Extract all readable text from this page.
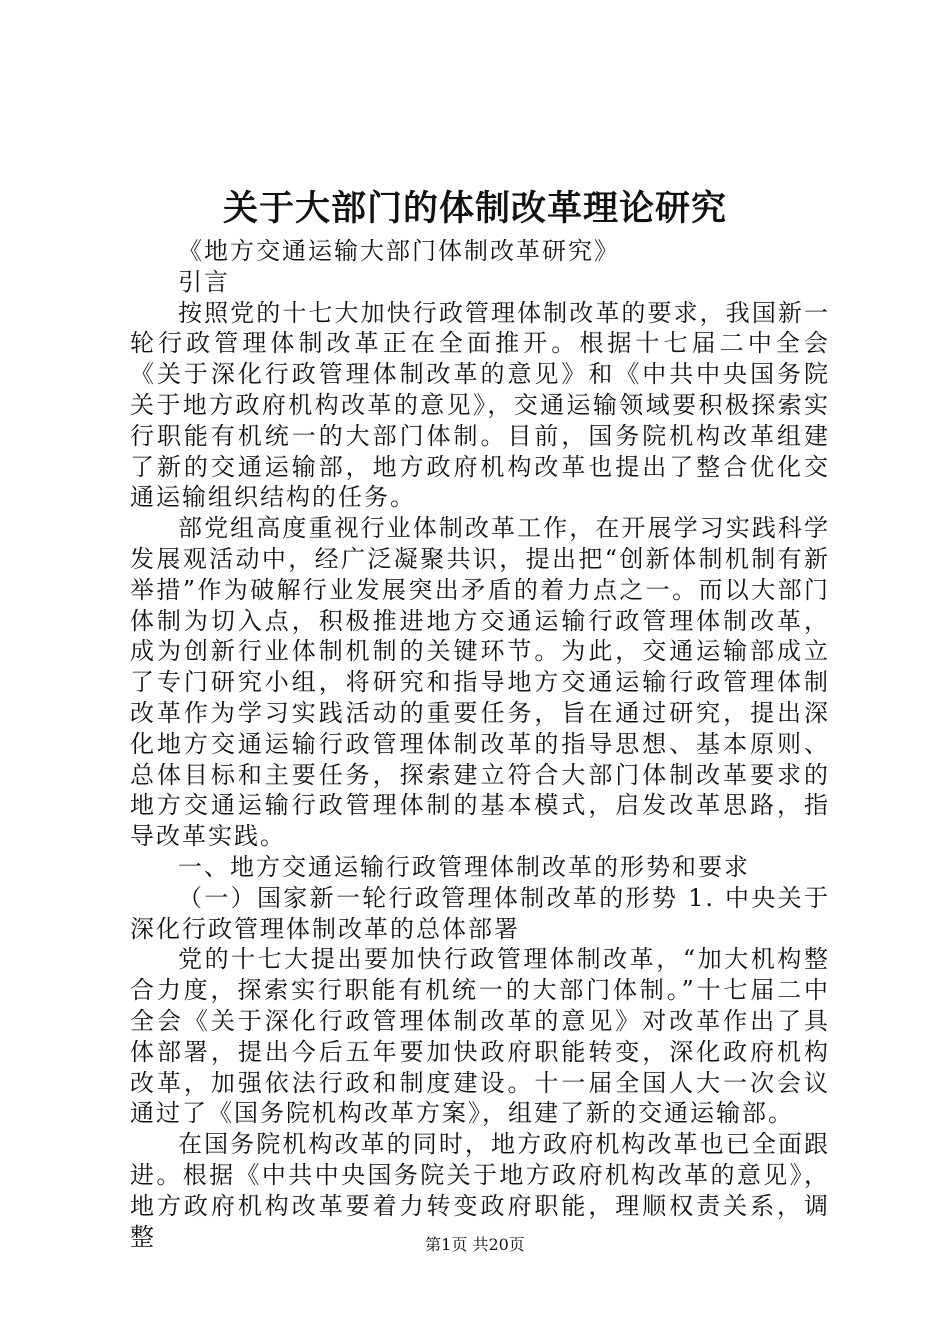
关于大部门的体制改革理论研究

《地方交通运输大部门体制改革研究》

引言

按照党的十七大加快行政管理体制改革的要求，我国新一轮行政管理体制改革正在全面推开。根据十七届二中全会《关于深化行政管理体制改革的意见》和《中共中央国务院关于地方政府机构改革的意见》，交通运输领域要积极探索实行职能有机统一的大部门体制。目前，国务院机构改革组建了新的交通运输部，地方政府机构改革也提出了整合优化交通运输组织结构的任务。

部党组高度重视行业体制改革工作，在开展学习实践科学发展观活动中，经广泛凝聚共识，提出把“创新体制机制有新举措”作为破解行业发展突出矛盾的着力点之一。而以大部门体制为切入点，积极推进地方交通运输行政管理体制改革，成为创新行业体制机制的关键环节。为此，交通运输部成立了专门研究小组，将研究和指导地方交通运输行政管理体制改革作为学习实践活动的重要任务，旨在通过研究，提出深化地方交通运输行政管理体制改革的指导思想、基本原则、总体目标和主要任务，探索建立符合大部门体制改革要求的地方交通运输行政管理体制的基本模式，启发改革思路，指导改革实践。

一、地方交通运输行政管理体制改革的形势和要求

（一）国家新一轮行政管理体制改革的形势 1. 中央关于深化行政管理体制改革的总体部署

党的十七大提出要加快行政管理体制改革，“加大机构整合力度，探索实行职能有机统一的大部门体制。”十七届二中全会《关于深化行政管理体制改革的意见》对改革作出了具体部署，提出今后五年要加快政府职能转变，深化政府机构改革，加强依法行政和制度建设。十一届全国人大一次会议通过了《国务院机构改革方案》，组建了新的交通运输部。

在国务院机构改革的同时，地方政府机构改革也已全面跟进。根据《中共中央国务院关于地方政府机构改革的意见》，地方政府机构改革要着力转变政府职能，理顺权责关系，调整	第1页 共20页
